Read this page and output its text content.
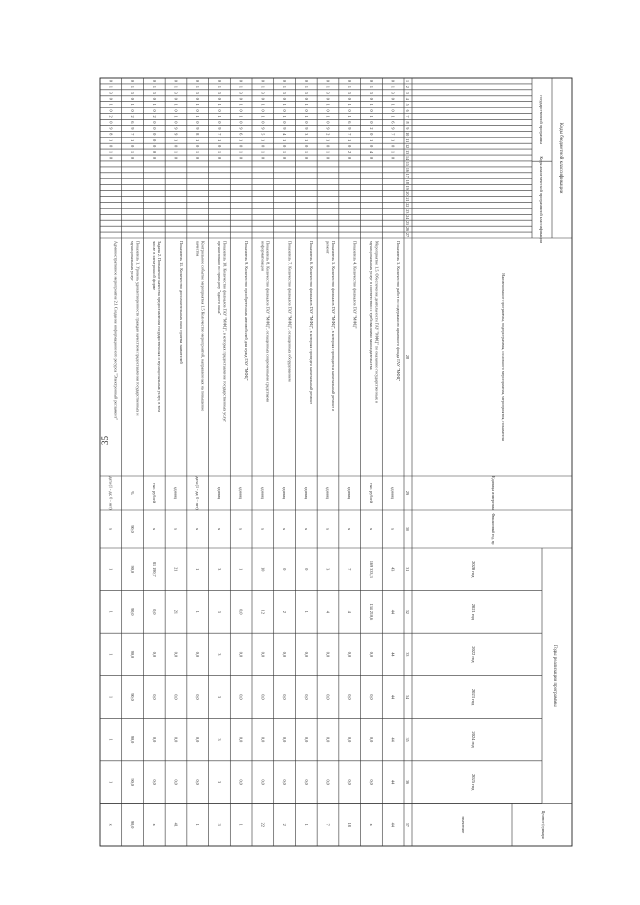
35
Коды бюджетной классификации
государственной программы
Коды аналитической программной классификации
Наименование программы, подпрограммы, основного мероприятия, мероприятия, показателя
Единица измерения
Финансовый год, пр
Годы реализации программы
2020 год
2021 год
2022 год
2023 год
2024 год
2025 год
Целевое (суммарн
значение
1
2
3
4
5
6
7
8
9
10
11
12
13
14
15
16
17
18
19
20
21
22
23
24
25
26
27
28
29
30
31
32
33
34
35
36
37
0
1
3
0
1
0
1
6
9
7
1
0
1
0
Показатель 3. Количество работ по содержанию архивного фонда ГАУ "МФЦ"
единиц
х
43
44
44
44
44
44
44
0
1
3
0
1
0
1
0
2
0
1
0
4
0
Мероприятие 1.5. Обеспечение деятельности ГАУ "МФЦ" по оказанию государственных имуниципальных услуг в соответствии с требованиями законодательства
тыс. рублей
х
169 333,3
134 210,6
0,0
0,0
0,0
0,0
х
0
1
3
0
1
0
1
6
9
7
1
0
2
0
Показатель 4. Количество филиалов ГАУ "МФЦ"
единиц
х
7
4
0,0
0,0
0,0
0,0
18
0
1
3
0
1
0
1
0
9
2
1
0
1
0
Показатель 5. Количество филиалов ГАУ "МФЦ", в которых проводится капитальный ремонт иремонт
единиц
х
3
4
0,0
0,0
0,0
0,0
7
0
1
3
0
1
0
1
0
9
3
1
0
1
0
Показатель 6. Количество филиалов ГАУ "МФЦ", в которых проведен капитальный ремонт
единиц
х
0
1
0,0
0,0
0,0
0,0
1
0
1
3
0
1
0
1
0
9
4
1
0
1
0
Показатель 7. Количество филиалов ГАУ "МФЦ", оснащенных оборудованием
единиц
х
0
2
0,0
0,0
0,0
0,0
2
0
1
3
0
1
0
1
0
9
5
1
0
1
0
Показатель 8. Количество филиалов ГАУ "МФЦ", оснащенных современными средствамиинформатизации
единиц
х
10
12
0,0
0,0
0,0
0,0
22
0
1
3
0
1
0
1
0
9
6
1
0
1
0
Показатель 9. Количество приобретенных автомобилей для нужд ГАУ "МФЦ"
единиц
х
1
0,0
0,0
0,0
0,0
0,0
1
0
1
3
0
1
0
1
0
9
7
1
0
1
0
Показатель 10. Количество филиалов ГАУ "МФЦ", в которых предоставление государственных услугорганизовано по принципу "одного окна"
единиц
х
3
3
3
3
3
3
3
0
1
3
0
1
0
1
0
9
8
1
0
1
0
Контрольное событие мероприятия 1.5 Количество мероприятий, направленных на повышениекачества
дата (1 - да; 0 - нет)
х
1
1
0,0
0,0
0,0
0,0
1
0
1
3
0
1
0
1
0
9
9
1
0
1
0
Показатель 11. Количество дополнительных окон приема заявителей
единиц
х
21
21
0,0
0,0
0,0
0,0
41
0
1
3
0
1
0
2
0
0
0
0
0
0
0
Задача 2. Повышение качества предоставления государственных и муниципальных услуг, в томчисле в электронной форме
тыс. рублей
х
81 190,7
0,0
0,0
0,0
0,0
0,0
х
0
1
3
0
1
0
2
6
9
7
1
0
1
0
Показатель 1. Уровень удовлетворенности граждан качеством предоставления государственных имуниципальных услуг
%
90,0
90,0
90,0
90,0
90,0
90,0
90,0
90,0
0
1
3
0
1
0
2
0
9
8
1
0
1
0
Административное мероприятие 2.1 Создание информационного ресурса "Электронный регламент"
дата (1 - да; 0 - нет)
х
1
1
1
1
1
1
х
